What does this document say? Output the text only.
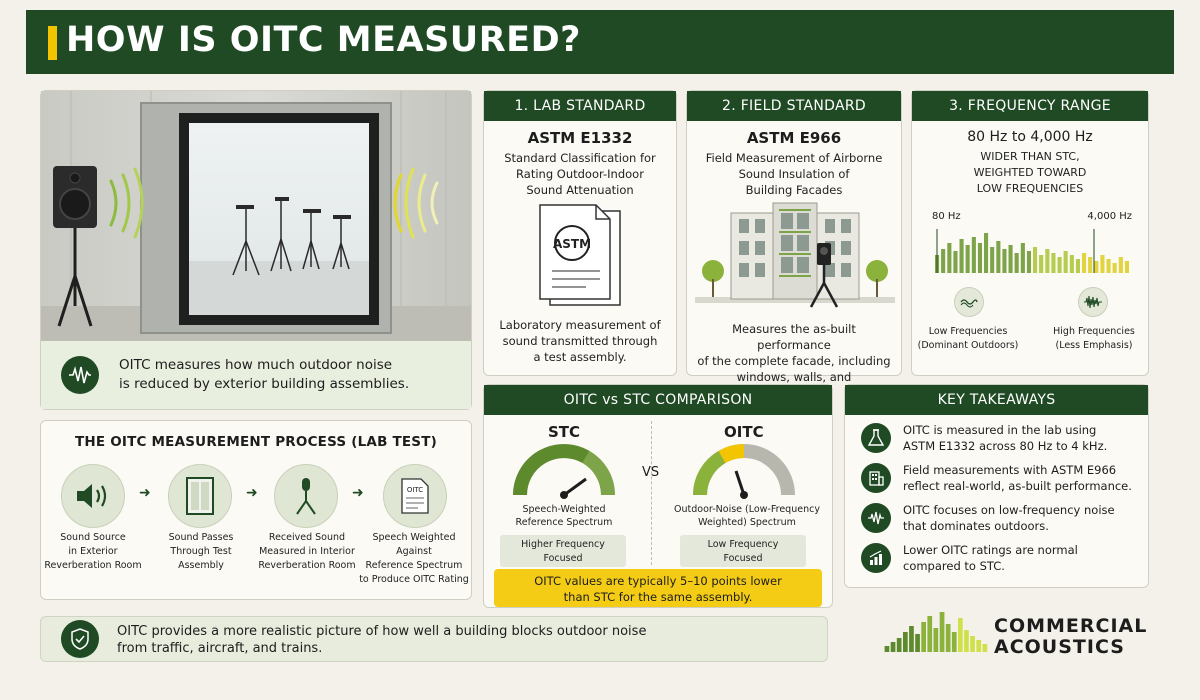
HOW IS OITC MEASURED?
OITC measures how much outdoor noise
is reduced by exterior building assemblies.
1. LAB STANDARD
ASTM E1332
Standard Classification for
Rating Outdoor-Indoor
Sound Attenuation
ASTM
Laboratory measurement of
sound transmitted through
a test assembly.
2. FIELD STANDARD
ASTM E966
Field Measurement of Airborne
Sound Insulation of
Building Facades
Measures the as-built performance
of the complete facade, including
windows, walls, and
3. FREQUENCY RANGE
80 Hz to 4,000 Hz
WIDER THAN STC,
WEIGHTED TOWARD
LOW FREQUENCIES
80 Hz	4,000 Hz
Low Frequencies
(Dominant Outdoors)
High Frequencies
(Less Emphasis)
THE OITC MEASUREMENT PROCESS (LAB TEST)
➜	➜	➜	OITC
Sound Source
in Exterior
Reverberation Room
Sound Passes
Through Test
Assembly
Received Sound
Measured in Interior
Reverberation Room
Speech Weighted Against
Reference Spectrum
to Produce OITC Rating
OITC vs STC COMPARISON
STC	OITC
VS
Speech-Weighted
Reference Spectrum
Outdoor-Noise (Low-Frequency
Weighted) Spectrum
Higher Frequency
Focused
Low Frequency
Focused
OITC values are typically 5–10 points lower
than STC for the same assembly.
KEY TAKEAWAYS
OITC is measured in the lab using
ASTM E1332 across 80 Hz to 4 kHz.
Field measurements with ASTM E966
reflect real-world, as-built performance.
OITC focuses on low-frequency noise
that dominates outdoors.
Lower OITC ratings are normal
compared to STC.
OITC provides a more realistic picture of how well a building blocks outdoor noise
from traffic, aircraft, and trains.
COMMERCIAL
ACOUSTICS
